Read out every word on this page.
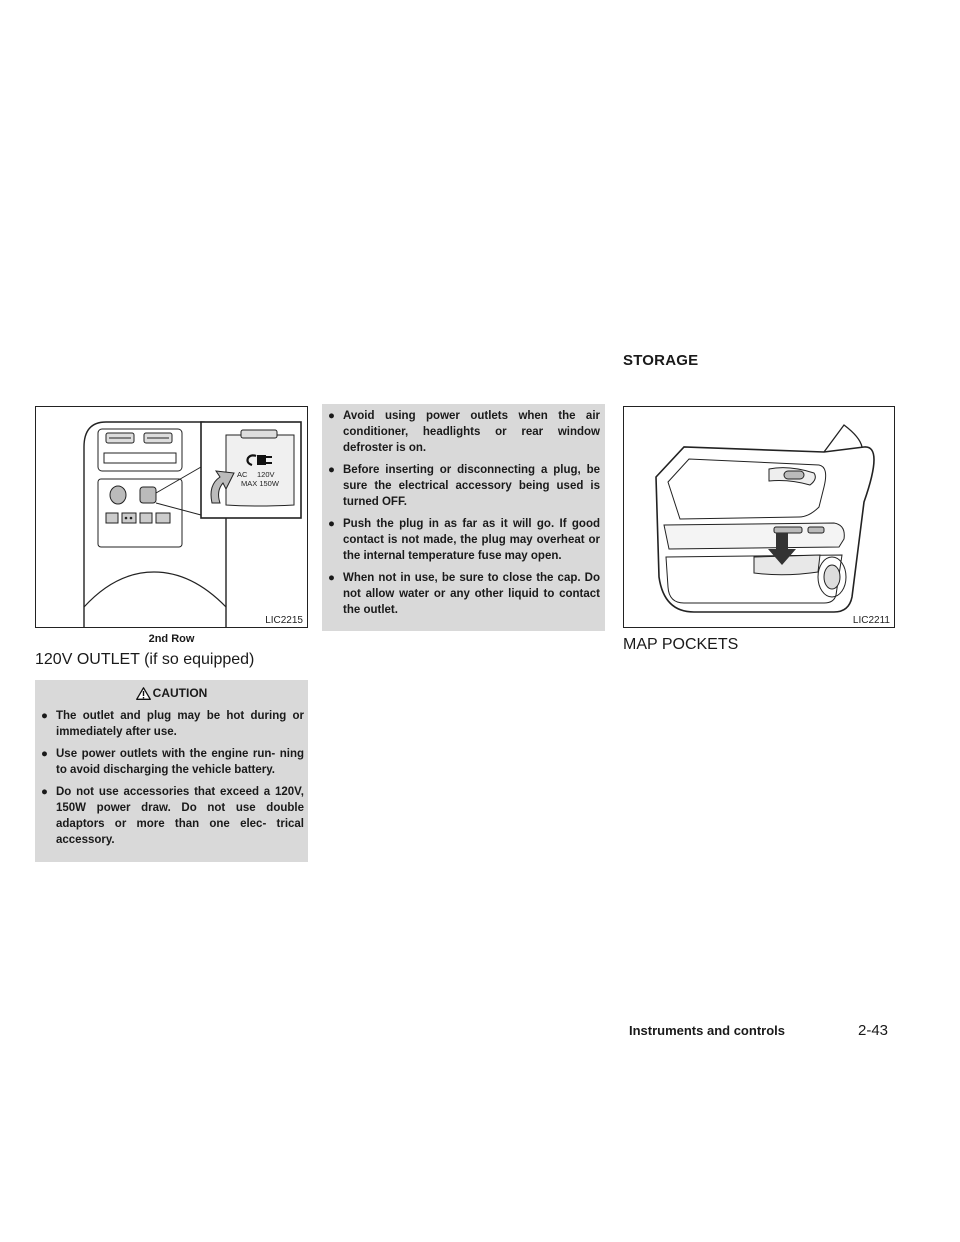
STORAGE
AC 120V
MAX 150W
LIC2215
2nd Row
120V OUTLET (if so equipped)
CAUTION
● The outlet and plug may be hot during or immediately after use.
● Use power outlets with the engine run- ning to avoid discharging the vehicle battery.
● Do not use accessories that exceed a 120V, 150W power draw. Do not use double adaptors or more than one elec- trical accessory.
● Avoid using power outlets when the air conditioner, headlights or rear window defroster is on.
● Before inserting or disconnecting a plug, be sure the electrical accessory being used is turned OFF.
● Push the plug in as far as it will go. If good contact is not made, the plug may overheat or the internal temperature fuse may open.
● When not in use, be sure to close the cap. Do not allow water or any other liquid to contact the outlet.
LIC2211
MAP POCKETS
Instruments and controls	2-43
